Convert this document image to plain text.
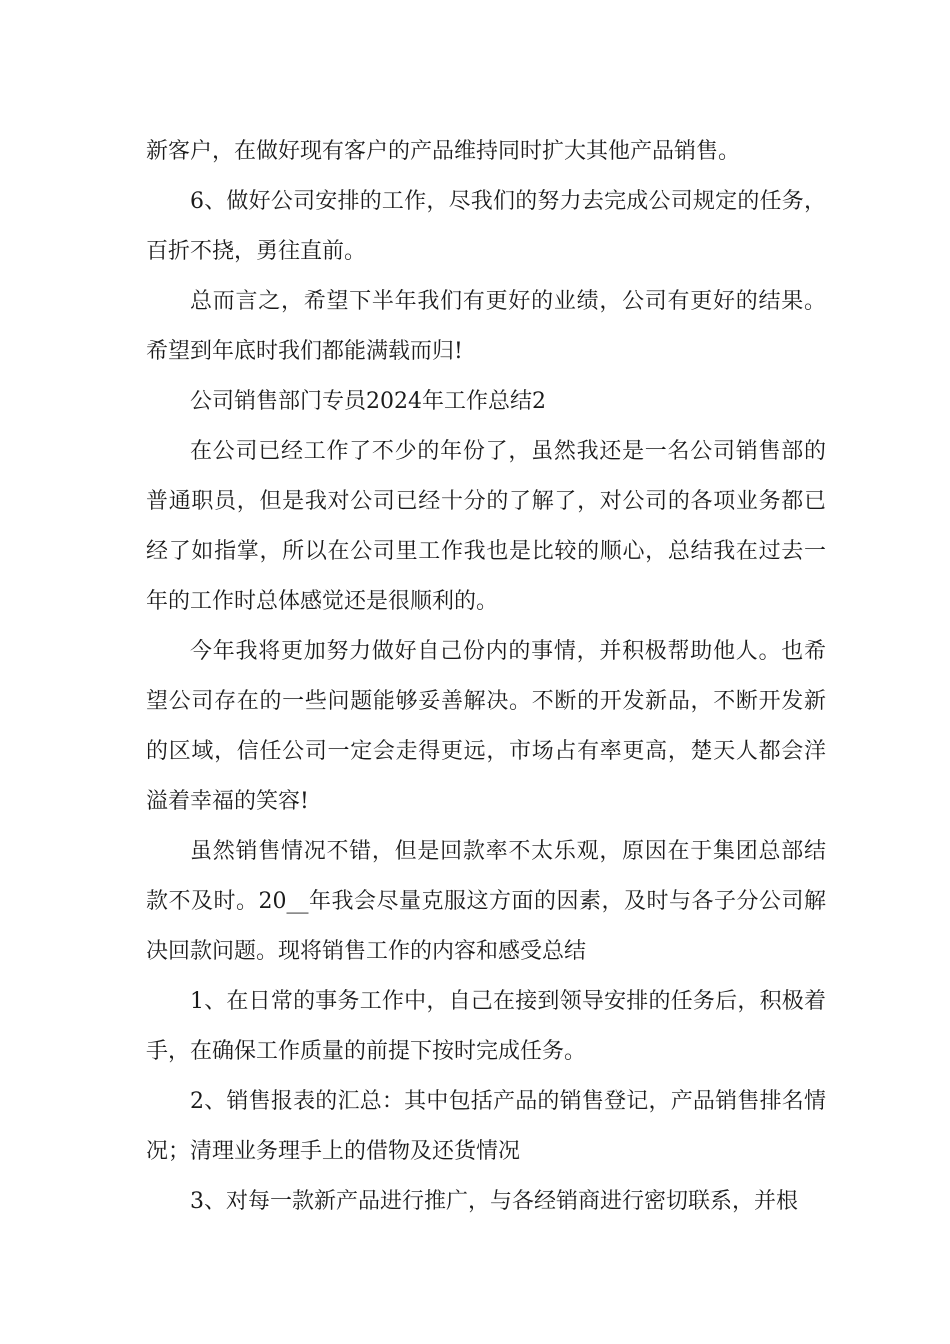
新客户，在做好现有客户的产品维持同时扩大其他产品销售。

6、做好公司安排的工作，尽我们的努力去完成公司规定的任务，百折不挠，勇往直前。

总而言之，希望下半年我们有更好的业绩，公司有更好的结果。希望到年底时我们都能满载而归!

公司销售部门专员2024年工作总结2

在公司已经工作了不少的年份了，虽然我还是一名公司销售部的普通职员，但是我对公司已经十分的了解了，对公司的各项业务都已经了如指掌，所以在公司里工作我也是比较的顺心，总结我在过去一年的工作时总体感觉还是很顺利的。

今年我将更加努力做好自己份内的事情，并积极帮助他人。也希望公司存在的一些问题能够妥善解决。不断的开发新品，不断开发新的区域，信任公司一定会走得更远，市场占有率更高，楚天人都会洋溢着幸福的笑容!

虽然销售情况不错，但是回款率不太乐观，原因在于集团总部结款不及时。20__年我会尽量克服这方面的因素，及时与各子分公司解决回款问题。现将销售工作的内容和感受总结

1、在日常的事务工作中，自己在接到领导安排的任务后，积极着手，在确保工作质量的前提下按时完成任务。

2、销售报表的汇总：其中包括产品的销售登记，产品销售排名情况；清理业务理手上的借物及还货情况

3、对每一款新产品进行推广，与各经销商进行密切联系，并根
